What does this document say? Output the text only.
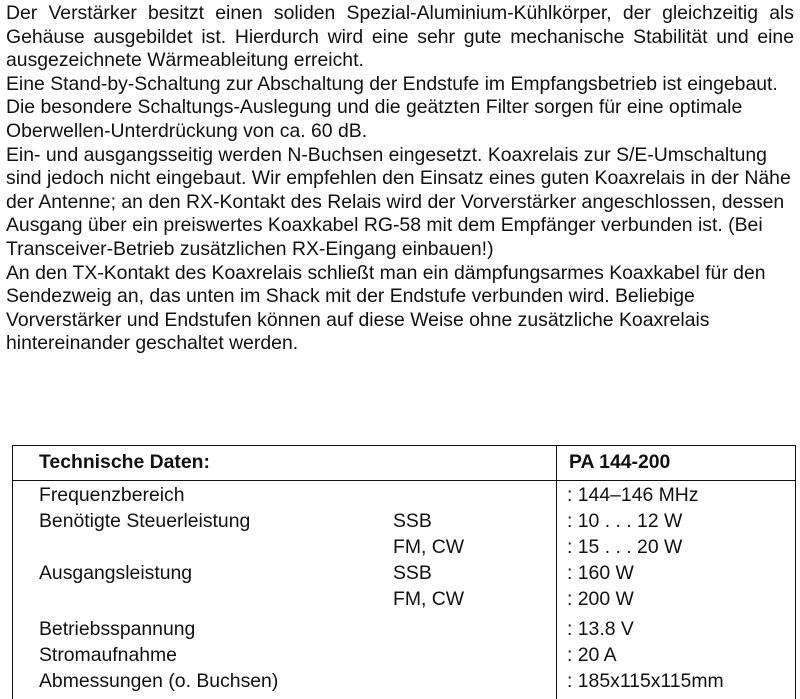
Der Verstärker besitzt einen soliden Spezial-Aluminium-Kühlkörper, der gleichzeitig als Gehäuse ausgebildet ist. Hierdurch wird eine sehr gute mechanische Stabilität und eine ausgezeichnete Wärmeableitung erreicht.

Eine Stand-by-Schaltung zur Abschaltung der Endstufe im Empfangsbetrieb ist eingebaut. Die besondere Schaltungs-Auslegung und die geätzten Filter sorgen für eine optimale Oberwellen-Unterdrückung von ca. 60 dB.

Ein- und ausgangsseitig werden N-Buchsen eingesetzt. Koaxrelais zur S/E-Umschaltung sind jedoch nicht eingebaut. Wir empfehlen den Einsatz eines guten Koaxrelais in der Nähe der Antenne; an den RX-Kontakt des Relais wird der Vorverstärker angeschlossen, dessen Ausgang über ein preiswertes Koaxkabel RG-58 mit dem Empfänger verbunden ist. (Bei Transceiver-Betrieb zusätzlichen RX-Eingang einbauen!)

An den TX-Kontakt des Koaxrelais schließt man ein dämpfungsarmes Koaxkabel für den Sendezweig an, das unten im Shack mit der Endstufe verbunden wird. Beliebige Vorverstärker und Endstufen können auf diese Weise ohne zusätzliche Koaxrelais hintereinander geschaltet werden.

Technische Daten:	PA 144-200
Frequenzbereich	: 144–146 MHz
Benötigte Steuerleistung	SSB	: 10 . . . 12 W
FM, CW	: 15 . . . 20 W
Ausgangsleistung	SSB	: 160 W
FM, CW	: 200 W
Betriebsspannung	: 13.8 V
Stromaufnahme	: 20 A
Abmessungen (o. Buchsen)	: 185x115x115mm
